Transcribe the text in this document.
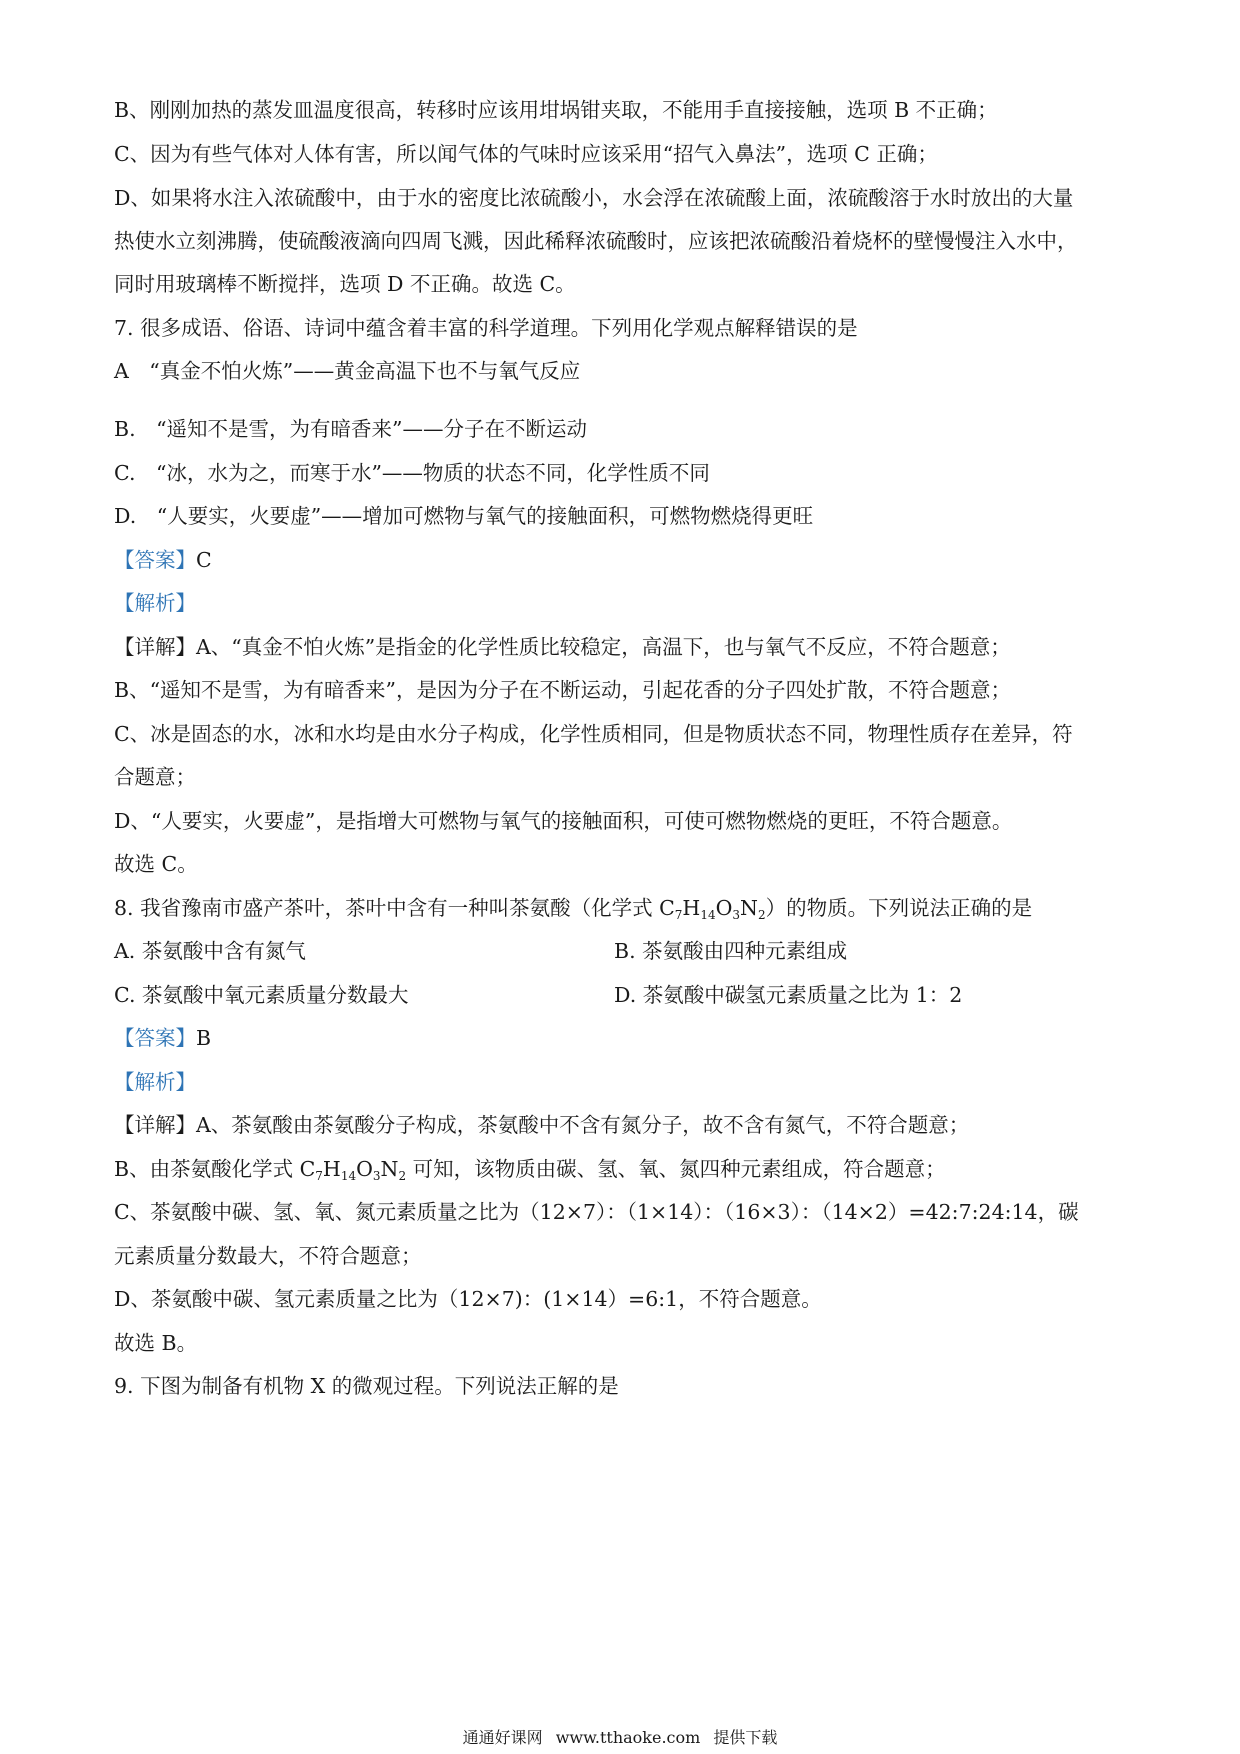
B、刚刚加热的蒸发皿温度很高，转移时应该用坩埚钳夹取，不能用手直接接触，选项 B 不正确；
C、因为有些气体对人体有害，所以闻气体的气味时应该采用“招气入鼻法”，选项 C 正确；
D、如果将水注入浓硫酸中，由于水的密度比浓硫酸小，水会浮在浓硫酸上面，浓硫酸溶于水时放出的大量
热使水立刻沸腾，使硫酸液滴向四周飞溅，因此稀释浓硫酸时，应该把浓硫酸沿着烧杯的壁慢慢注入水中，
同时用玻璃棒不断搅拌，选项 D 不正确。故选 C。
7. 很多成语、俗语、诗词中蕴含着丰富的科学道理。下列用化学观点解释错误的是
A　“真金不怕火炼”——黄金高温下也不与氧气反应
B.　“遥知不是雪，为有暗香来”——分子在不断运动
C.　“冰，水为之，而寒于水”——物质的状态不同，化学性质不同
D.　“人要实，火要虚”——增加可燃物与氧气的接触面积，可燃物燃烧得更旺
【答案】C
【解析】
【详解】A、“真金不怕火炼”是指金的化学性质比较稳定，高温下，也与氧气不反应，不符合题意；
B、“遥知不是雪，为有暗香来”，是因为分子在不断运动，引起花香的分子四处扩散，不符合题意；
C、冰是固态的水，冰和水均是由水分子构成，化学性质相同，但是物质状态不同，物理性质存在差异，符
合题意；
D、“人要实，火要虚”，是指增大可燃物与氧气的接触面积，可使可燃物燃烧的更旺，不符合题意。
故选 C。
8. 我省豫南市盛产茶叶，茶叶中含有一种叫茶氨酸（化学式 $C_7H_{14}O_3N_2$）的物质。下列说法正确的是
A. 茶氨酸中含有氮气	B. 茶氨酸由四种元素组成
C. 茶氨酸中氧元素质量分数最大	D. 茶氨酸中碳氢元素质量之比为 1：2
【答案】B
【解析】
【详解】A、茶氨酸由茶氨酸分子构成，茶氨酸中不含有氮分子，故不含有氮气，不符合题意；
B、由茶氨酸化学式 $C_7H_{14}O_3N_2$ 可知，该物质由碳、氢、氧、氮四种元素组成，符合题意；
C、茶氨酸中碳、氢、氧、氮元素质量之比为（12×7）：（1×14）：（16×3）：（14×2）=42:7:24:14，碳
元素质量分数最大，不符合题意；
D、茶氨酸中碳、氢元素质量之比为（12×7)：(1×14）=6:1，不符合题意。
故选 B。
9. 下图为制备有机物 X 的微观过程。下列说法正解的是
通通好课网 www.tthaoke.com 提供下载
